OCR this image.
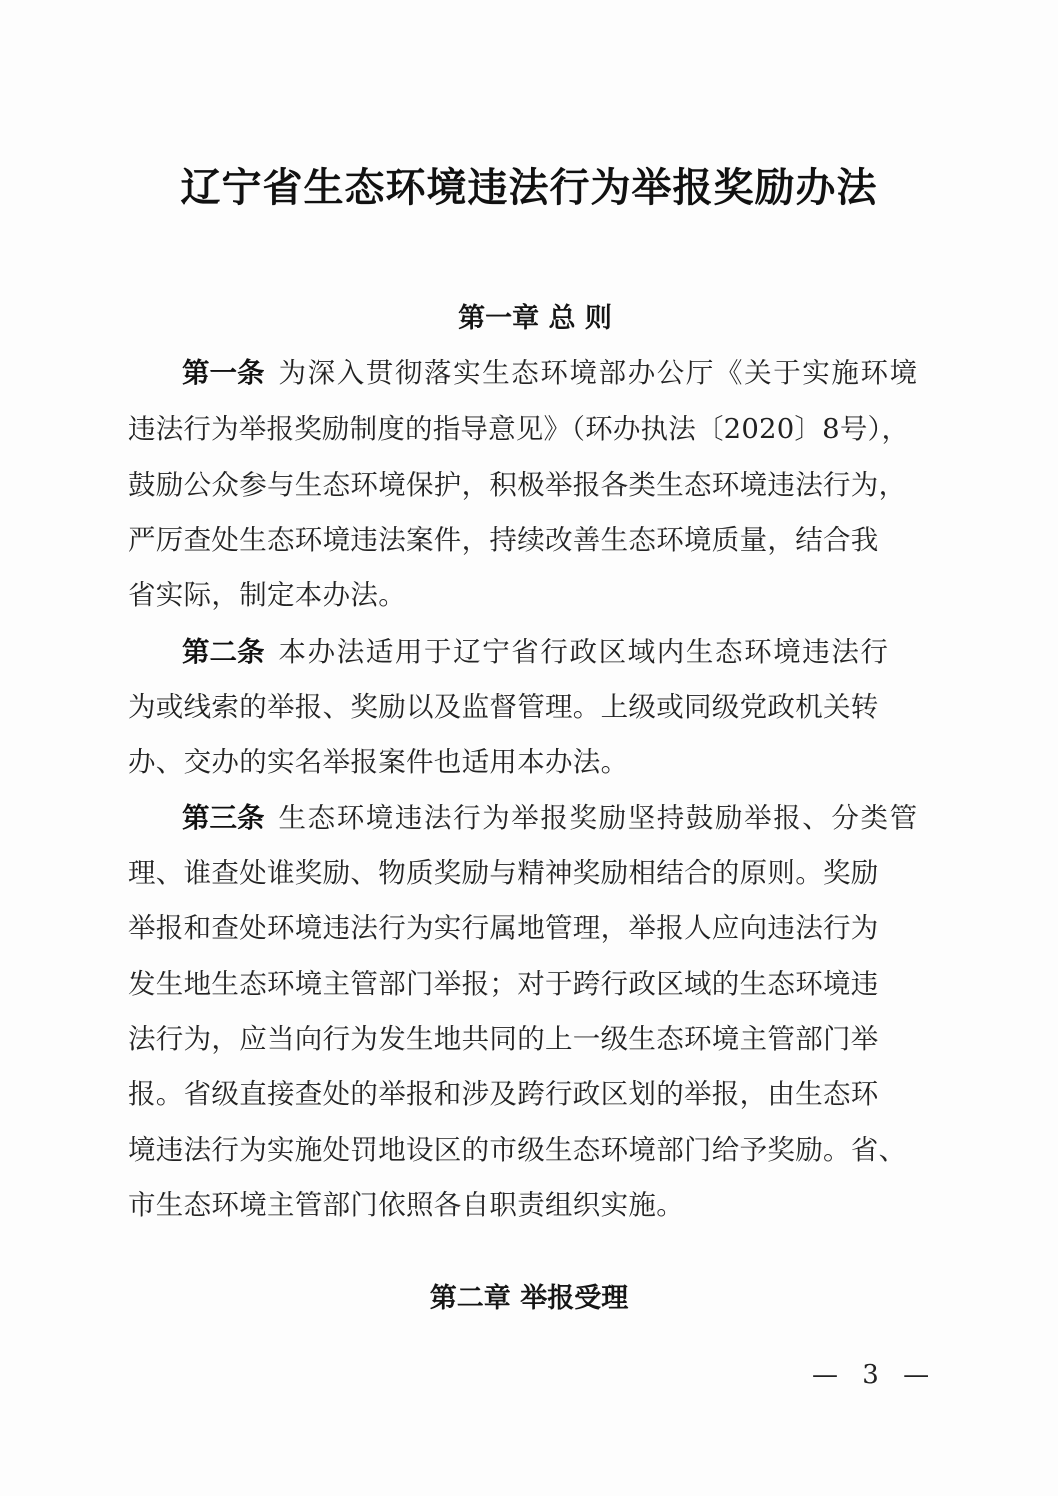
辽宁省生态环境违法行为举报奖励办法
第一章 总 则
第一条 为深入贯彻落实生态环境部办公厅《关于实施环境
违法行为举报奖励制度的指导意见》（环办执法〔2020〕8号），
鼓励公众参与生态环境保护，积极举报各类生态环境违法行为，
严厉查处生态环境违法案件，持续改善生态环境质量，结合我
省实际，制定本办法。
第二条 本办法适用于辽宁省行政区域内生态环境违法行
为或线索的举报、奖励以及监督管理。上级或同级党政机关转
办、交办的实名举报案件也适用本办法。
第三条 生态环境违法行为举报奖励坚持鼓励举报、分类管
理、谁查处谁奖励、物质奖励与精神奖励相结合的原则。奖励
举报和查处环境违法行为实行属地管理，举报人应向违法行为
发生地生态环境主管部门举报；对于跨行政区域的生态环境违
法行为，应当向行为发生地共同的上一级生态环境主管部门举
报。省级直接查处的举报和涉及跨行政区划的举报，由生态环
境违法行为实施处罚地设区的市级生态环境部门给予奖励。省、
市生态环境主管部门依照各自职责组织实施。
第二章 举报受理
— 3 —
